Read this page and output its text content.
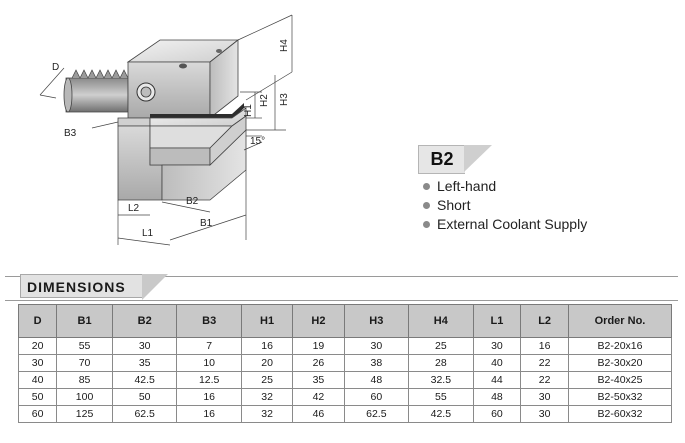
D
B3
H4
H1
H2 H3
15°
L2
B2
B1
L1
B2
Left-hand
Short
External Coolant Supply
DIMENSIONS
D	B1	B2	B3	H1	H2	H3	H4	L1	L2	Order No.
20	55	30	7	16	19	30	25	30	16	B2-20x16
30	70	35	10	20	26	38	28	40	22	B2-30x20
40	85	42.5	12.5	25	35	48	32.5	44	22	B2-40x25
50	100	50	16	32	42	60	55	48	30	B2-50x32
60	125	62.5	16	32	46	62.5	42.5	60	30	B2-60x32
